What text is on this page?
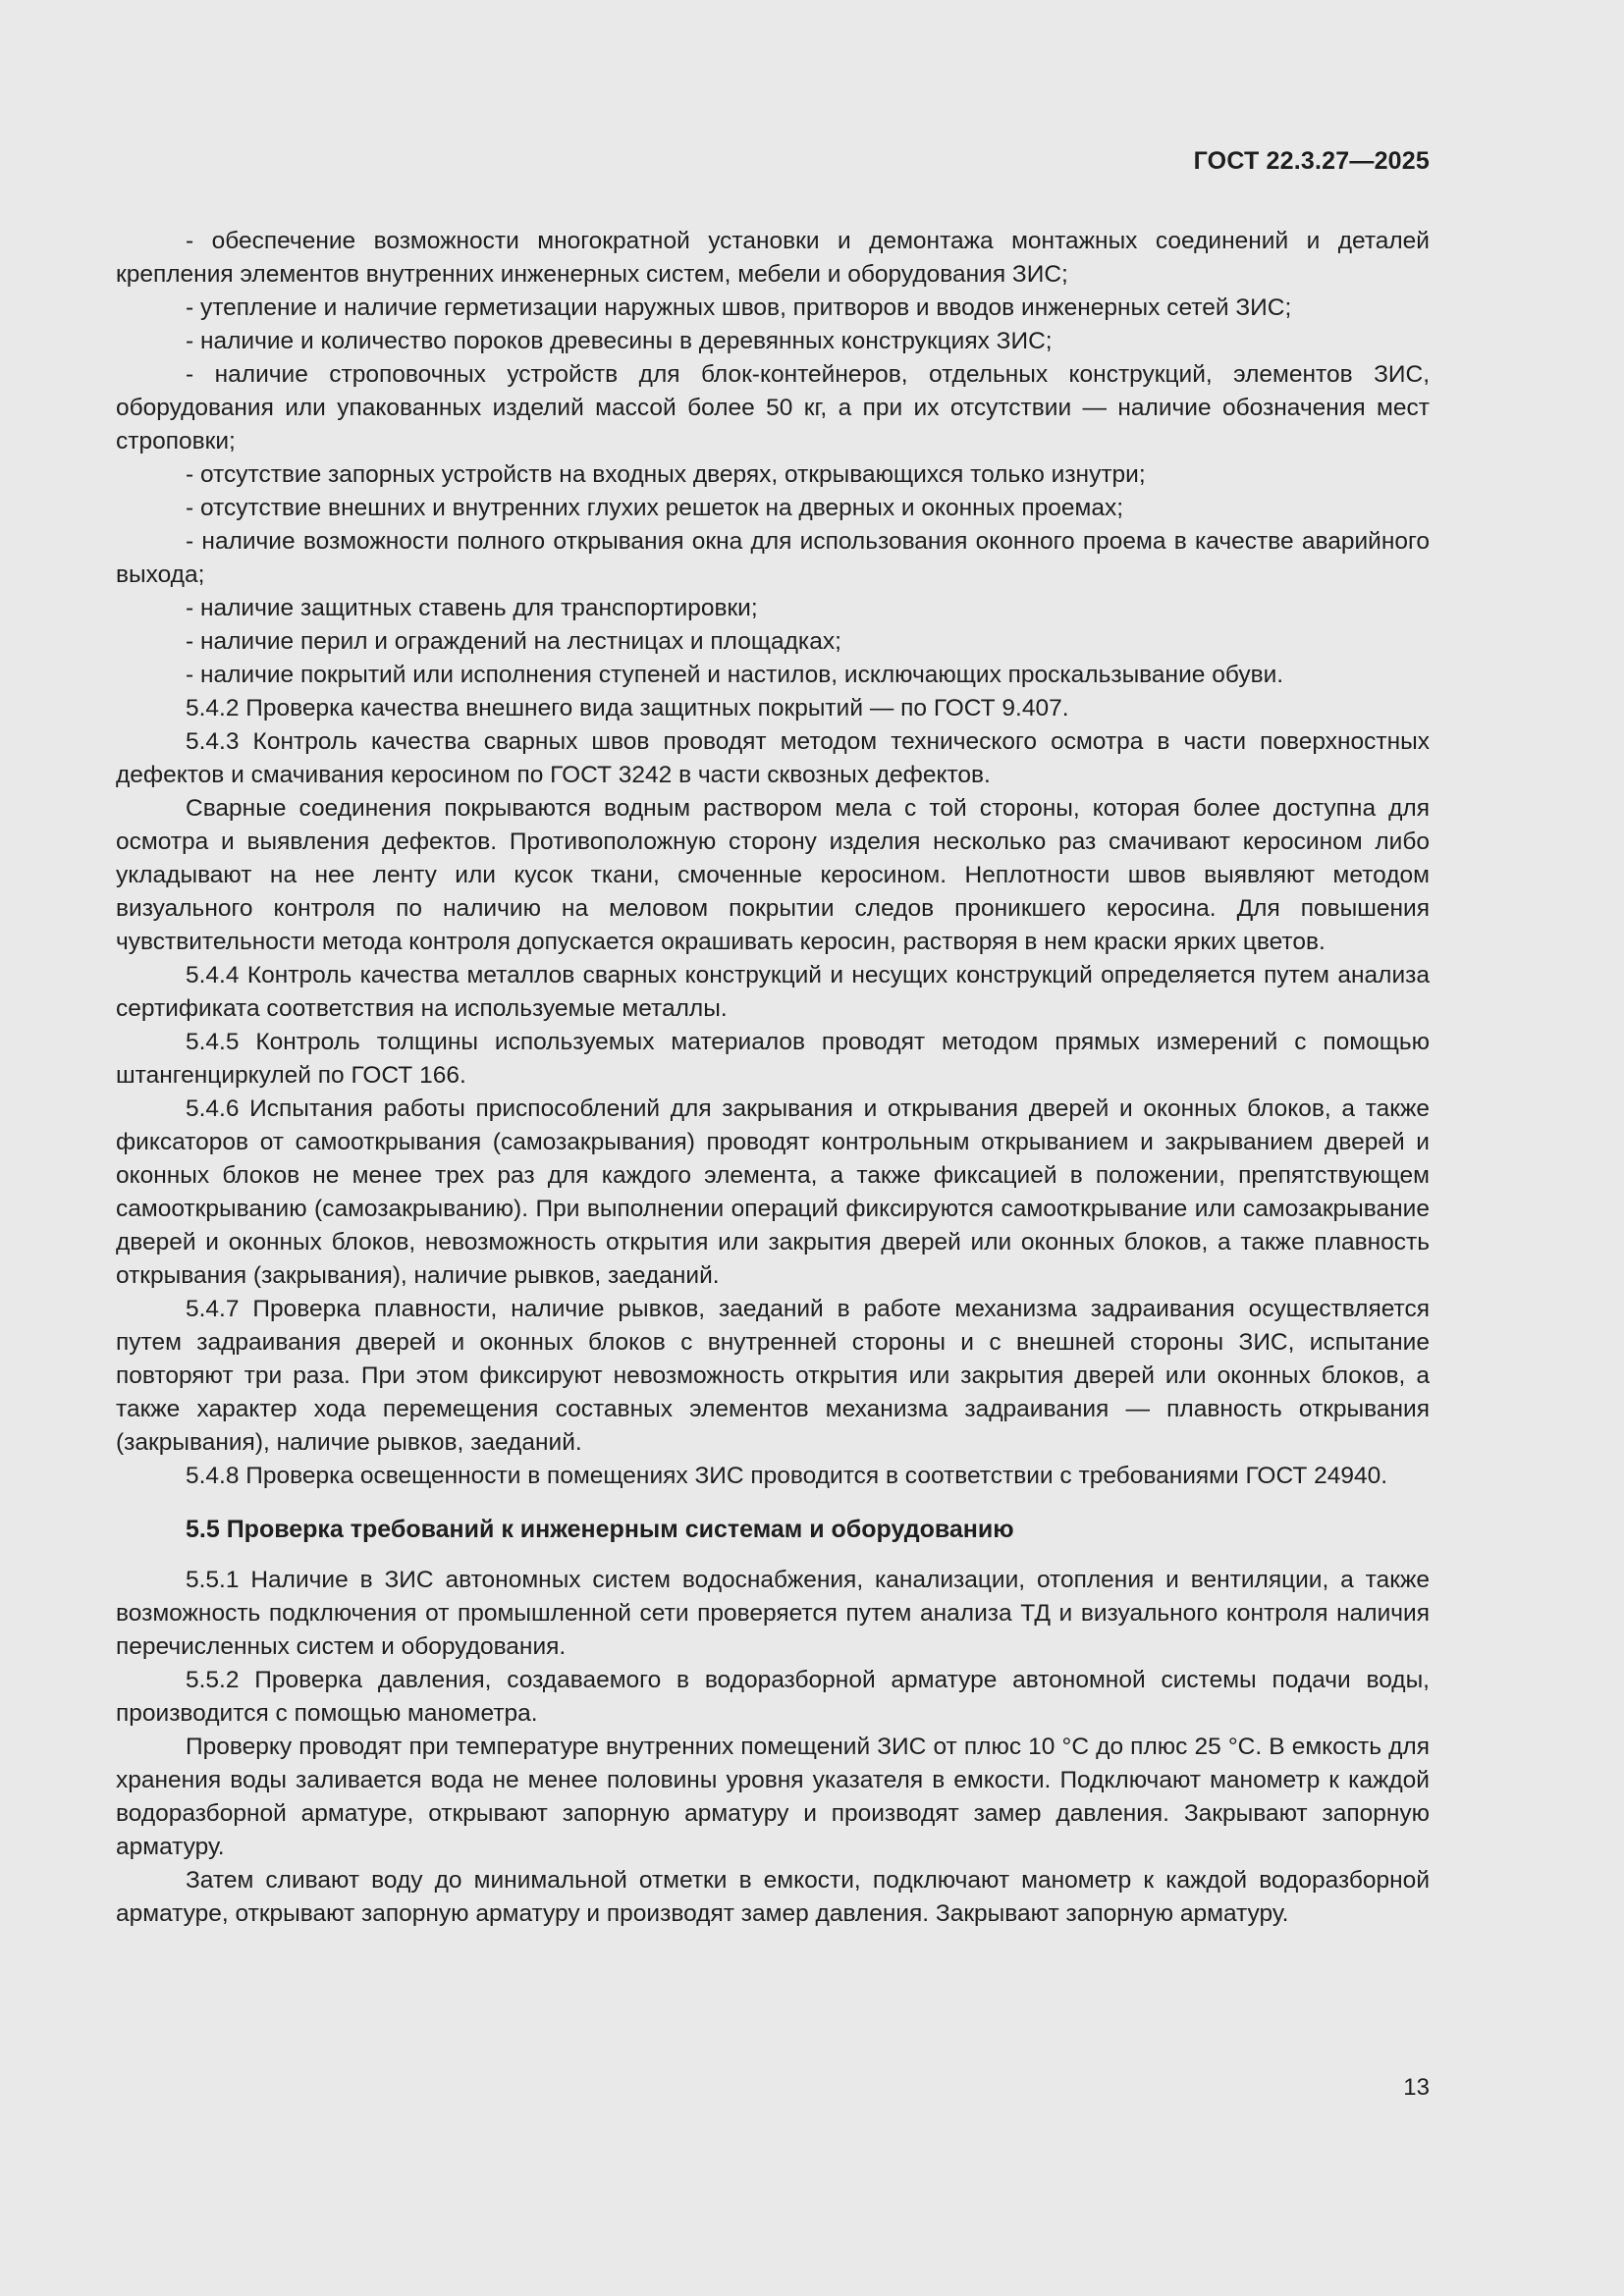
ГОСТ 22.3.27—2025

- обеспечение возможности многократной установки и демонтажа монтажных соединений и деталей крепления элементов внутренних инженерных систем, мебели и оборудования ЗИС;

- утепление и наличие герметизации наружных швов, притворов и вводов инженерных сетей ЗИС;

- наличие и количество пороков древесины в деревянных конструкциях ЗИС;

- наличие строповочных устройств для блок-контейнеров, отдельных конструкций, элементов ЗИС, оборудования или упакованных изделий массой более 50 кг, а при их отсутствии — наличие обозначения мест строповки;

- отсутствие запорных устройств на входных дверях, открывающихся только изнутри;

- отсутствие внешних и внутренних глухих решеток на дверных и оконных проемах;

- наличие возможности полного открывания окна для использования оконного проема в качестве аварийного выхода;

- наличие защитных ставень для транспортировки;

- наличие перил и ограждений на лестницах и площадках;

- наличие покрытий или исполнения ступеней и настилов, исключающих проскальзывание обуви.

5.4.2 Проверка качества внешнего вида защитных покрытий — по ГОСТ 9.407.

5.4.3 Контроль качества сварных швов проводят методом технического осмотра в части поверхностных дефектов и смачивания керосином по ГОСТ 3242 в части сквозных дефектов.

Сварные соединения покрываются водным раствором мела с той стороны, которая более доступна для осмотра и выявления дефектов. Противоположную сторону изделия несколько раз смачивают керосином либо укладывают на нее ленту или кусок ткани, смоченные керосином. Неплотности швов выявляют методом визуального контроля по наличию на меловом покрытии следов проникшего керосина. Для повышения чувствительности метода контроля допускается окрашивать керосин, растворяя в нем краски ярких цветов.

5.4.4 Контроль качества металлов сварных конструкций и несущих конструкций определяется путем анализа сертификата соответствия на используемые металлы.

5.4.5 Контроль толщины используемых материалов проводят методом прямых измерений с помощью штангенциркулей по ГОСТ 166.

5.4.6 Испытания работы приспособлений для закрывания и открывания дверей и оконных блоков, а также фиксаторов от самооткрывания (самозакрывания) проводят контрольным открыванием и закрыванием дверей и оконных блоков не менее трех раз для каждого элемента, а также фиксацией в положении, препятствующем самооткрыванию (самозакрыванию). При выполнении операций фиксируются самооткрывание или самозакрывание дверей и оконных блоков, невозможность открытия или закрытия дверей или оконных блоков, а также плавность открывания (закрывания), наличие рывков, заеданий.

5.4.7 Проверка плавности, наличие рывков, заеданий в работе механизма задраивания осуществляется путем задраивания дверей и оконных блоков с внутренней стороны и с внешней стороны ЗИС, испытание повторяют три раза. При этом фиксируют невозможность открытия или закрытия дверей или оконных блоков, а также характер хода перемещения составных элементов механизма задраивания — плавность открывания (закрывания), наличие рывков, заеданий.

5.4.8 Проверка освещенности в помещениях ЗИС проводится в соответствии с требованиями ГОСТ 24940.

5.5 Проверка требований к инженерным системам и оборудованию

5.5.1 Наличие в ЗИС автономных систем водоснабжения, канализации, отопления и вентиляции, а также возможность подключения от промышленной сети проверяется путем анализа ТД и визуального контроля наличия перечисленных систем и оборудования.

5.5.2 Проверка давления, создаваемого в водоразборной арматуре автономной системы подачи воды, производится с помощью манометра.

Проверку проводят при температуре внутренних помещений ЗИС от плюс 10 °С до плюс 25 °С. В емкость для хранения воды заливается вода не менее половины уровня указателя в емкости. Подключают манометр к каждой водоразборной арматуре, открывают запорную арматуру и производят замер давления. Закрывают запорную арматуру.

Затем сливают воду до минимальной отметки в емкости, подключают манометр к каждой водоразборной арматуре, открывают запорную арматуру и производят замер давления. Закрывают запорную арматуру.

13
